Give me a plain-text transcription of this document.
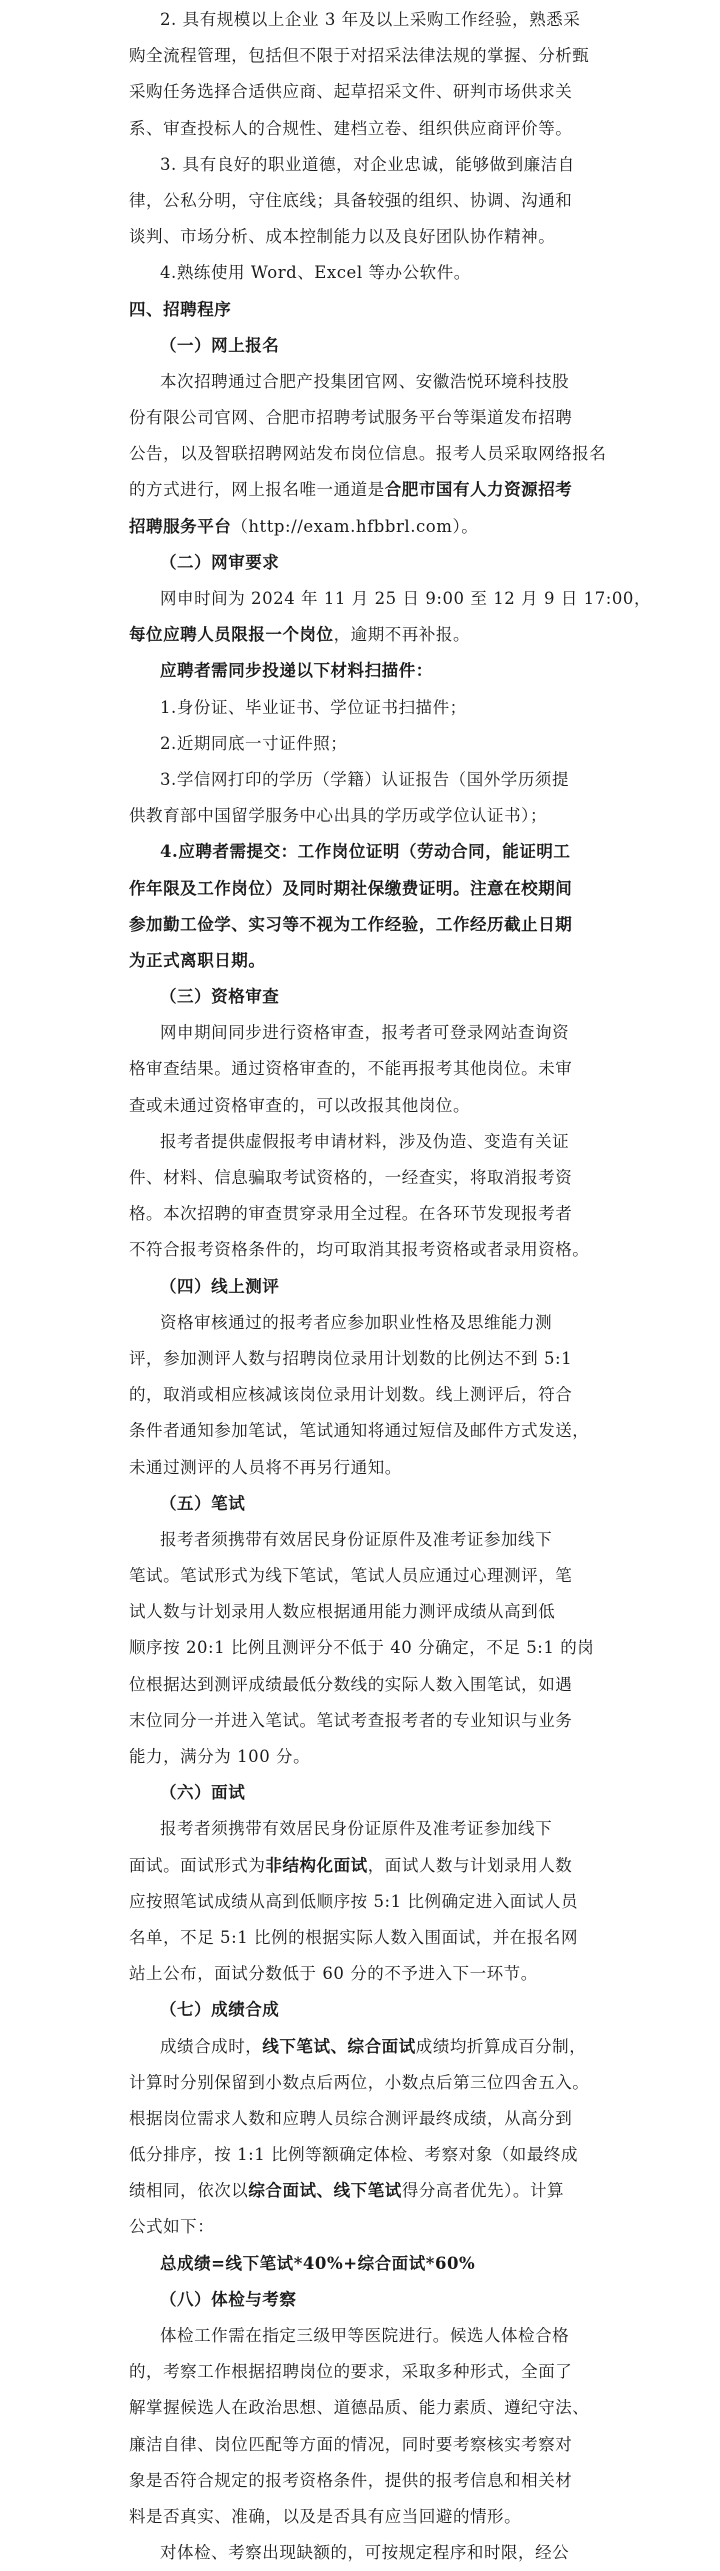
2. 具有规模以上企业 3 年及以上采购工作经验，熟悉采
购全流程管理，包括但不限于对招采法律法规的掌握、分析甄
采购任务选择合适供应商、起草招采文件、研判市场供求关
系、审查投标人的合规性、建档立卷、组织供应商评价等。
3. 具有良好的职业道德，对企业忠诚，能够做到廉洁自
律，公私分明，守住底线；具备较强的组织、协调、沟通和
谈判、市场分析、成本控制能力以及良好团队协作精神。
4.熟练使用 Word、Excel 等办公软件。
四、招聘程序
（一）网上报名
本次招聘通过合肥产投集团官网、安徽浩悦环境科技股
份有限公司官网、合肥市招聘考试服务平台等渠道发布招聘
公告，以及智联招聘网站发布岗位信息。报考人员采取网络报名
的方式进行，网上报名唯一通道是合肥市国有人力资源招考
招聘服务平台（http://exam.hfbbrl.com）。
（二）网审要求
网申时间为 2024 年 11 月 25 日 9:00 至 12 月 9 日 17:00，
每位应聘人员限报一个岗位，逾期不再补报。
应聘者需同步投递以下材料扫描件：
1.身份证、毕业证书、学位证书扫描件；
2.近期同底一寸证件照；
3.学信网打印的学历（学籍）认证报告（国外学历须提
供教育部中国留学服务中心出具的学历或学位认证书）；
4.应聘者需提交：工作岗位证明（劳动合同，能证明工
作年限及工作岗位）及同时期社保缴费证明。注意在校期间
参加勤工俭学、实习等不视为工作经验，工作经历截止日期
为正式离职日期。
（三）资格审查
网申期间同步进行资格审查，报考者可登录网站查询资
格审查结果。通过资格审查的，不能再报考其他岗位。未审
查或未通过资格审查的，可以改报其他岗位。
报考者提供虚假报考申请材料，涉及伪造、变造有关证
件、材料、信息骗取考试资格的，一经查实，将取消报考资
格。本次招聘的审查贯穿录用全过程。在各环节发现报考者
不符合报考资格条件的，均可取消其报考资格或者录用资格。
（四）线上测评
资格审核通过的报考者应参加职业性格及思维能力测
评，参加测评人数与招聘岗位录用计划数的比例达不到 5:1
的，取消或相应核减该岗位录用计划数。线上测评后，符合
条件者通知参加笔试，笔试通知将通过短信及邮件方式发送，
未通过测评的人员将不再另行通知。
（五）笔试
报考者须携带有效居民身份证原件及准考证参加线下
笔试。笔试形式为线下笔试，笔试人员应通过心理测评，笔
试人数与计划录用人数应根据通用能力测评成绩从高到低
顺序按 20:1 比例且测评分不低于 40 分确定，不足 5:1 的岗
位根据达到测评成绩最低分数线的实际人数入围笔试，如遇
末位同分一并进入笔试。笔试考查报考者的专业知识与业务
能力，满分为 100 分。
（六）面试
报考者须携带有效居民身份证原件及准考证参加线下
面试。面试形式为非结构化面试，面试人数与计划录用人数
应按照笔试成绩从高到低顺序按 5:1 比例确定进入面试人员
名单，不足 5:1 比例的根据实际人数入围面试，并在报名网
站上公布，面试分数低于 60 分的不予进入下一环节。
（七）成绩合成
成绩合成时，线下笔试、综合面试成绩均折算成百分制，
计算时分别保留到小数点后两位，小数点后第三位四舍五入。
根据岗位需求人数和应聘人员综合测评最终成绩，从高分到
低分排序，按 1:1 比例等额确定体检、考察对象（如最终成
绩相同，依次以综合面试、线下笔试得分高者优先）。计算
公式如下：
总成绩=线下笔试*40%+综合面试*60%
（八）体检与考察
体检工作需在指定三级甲等医院进行。候选人体检合格
的，考察工作根据招聘岗位的要求，采取多种形式，全面了
解掌握候选人在政治思想、道德品质、能力素质、遵纪守法、
廉洁自律、岗位匹配等方面的情况，同时要考察核实考察对
象是否符合规定的报考资格条件，提供的报考信息和相关材
料是否真实、准确，以及是否具有应当回避的情形。
对体检、考察出现缺额的，可按规定程序和时限，经公
